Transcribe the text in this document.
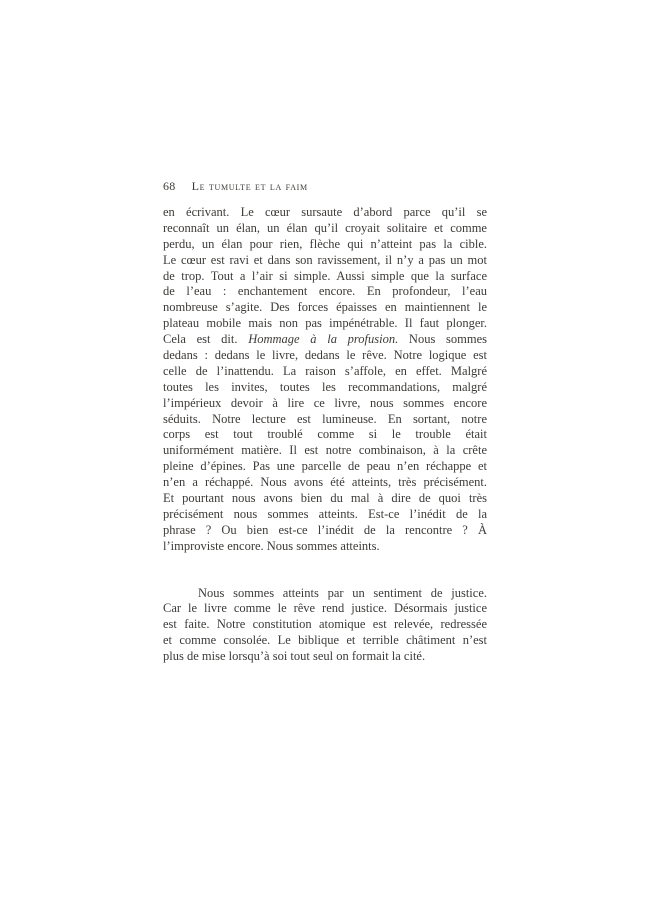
68 Le tumulte et la faim
en écrivant. Le cœur sursaute d’abord parce qu’il se
reconnaît un élan, un élan qu’il croyait solitaire et comme
perdu, un élan pour rien, flèche qui n’atteint pas la cible.
Le cœur est ravi et dans son ravissement, il n’y a pas un mot
de trop. Tout a l’air si simple. Aussi simple que la surface
de l’eau : enchantement encore. En profondeur, l’eau
nombreuse s’agite. Des forces épaisses en maintiennent le
plateau mobile mais non pas impénétrable. Il faut plonger.
Cela est dit. Hommage à la profusion. Nous sommes
dedans : dedans le livre, dedans le rêve. Notre logique est
celle de l’inattendu. La raison s’affole, en effet. Malgré
toutes les invites, toutes les recommandations, malgré
l’impérieux devoir à lire ce livre, nous sommes encore
séduits. Notre lecture est lumineuse. En sortant, notre
corps est tout troublé comme si le trouble était
uniformément matière. Il est notre combinaison, à la crête
pleine d’épines. Pas une parcelle de peau n’en réchappe et
n’en a réchappé. Nous avons été atteints, très précisément.
Et pourtant nous avons bien du mal à dire de quoi très
précisément nous sommes atteints. Est-ce l’inédit de la
phrase ? Ou bien est-ce l’inédit de la rencontre ? À
l’improviste encore. Nous sommes atteints.
Nous sommes atteints par un sentiment de justice.
Car le livre comme le rêve rend justice. Désormais justice
est faite. Notre constitution atomique est relevée, redressée
et comme consolée. Le biblique et terrible châtiment n’est
plus de mise lorsqu’à soi tout seul on formait la cité.
